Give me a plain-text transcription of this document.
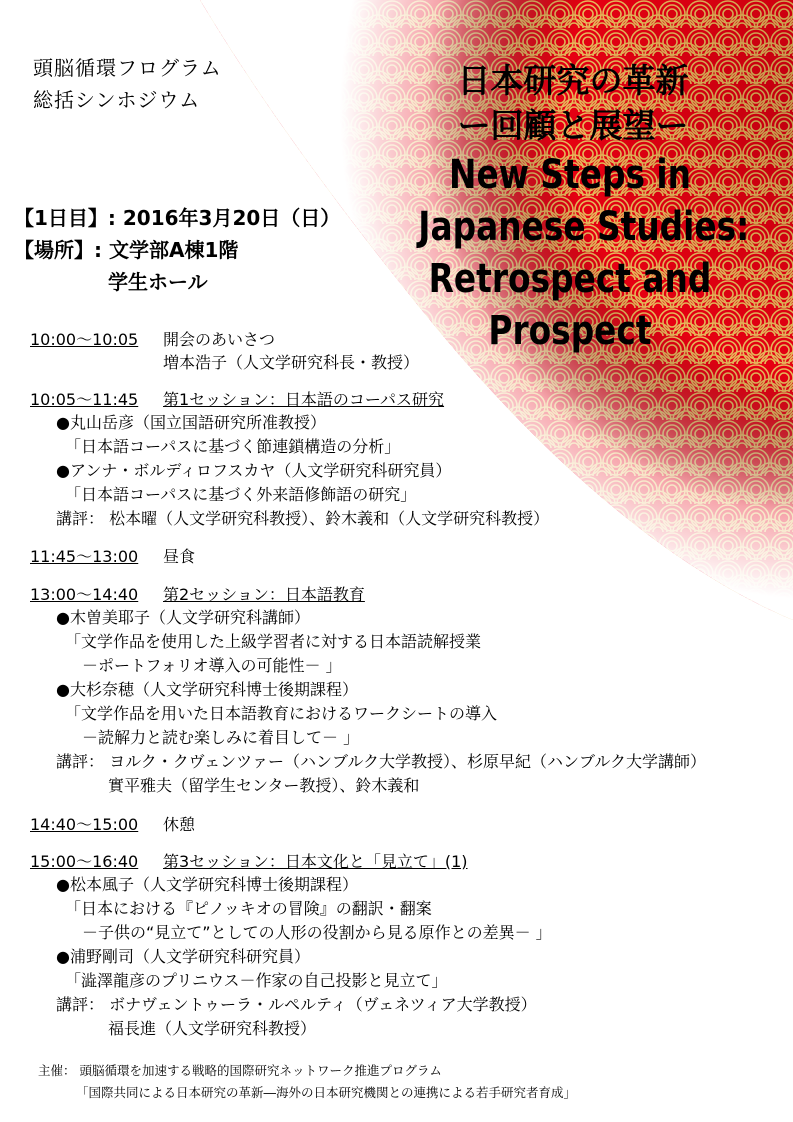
頭脳循環フログラム
総括シンホジウム	日本研究の革新
ー回顧と展望ー
New Steps in
Japanese Studies:
Retrospect and
Prospect
【1日目】: 2016年3月20日（日）
【場所】: 文学部A棟1階
学生ホール
10:00～10:05 開会のあいさつ
増本浩子（人文学研究科長・教授）
10:05～11:45 第1セッション：日本語のコーパス研究
●丸山岳彦（国立国語研究所准教授）
「日本語コーパスに基づく節連鎖構造の分析」
●アンナ・ボルディロフスカヤ（人文学研究科研究員）
「日本語コーパスに基づく外来語修飾語の研究」
講評： 松本曜（人文学研究科教授）、鈴木義和（人文学研究科教授）
11:45～13:00 昼食
13:00～14:40 第2セッション：日本語教育
●木曽美耶子（人文学研究科講師）
「文学作品を使用した上級学習者に対する日本語読解授業
－ポートフォリオ導入の可能性－ 」
●大杉奈穂（人文学研究科博士後期課程）
「文学作品を用いた日本語教育におけるワークシートの導入
－読解力と読む楽しみに着目して－ 」
講評： ヨルク・クヴェンツァー（ハンブルク大学教授）、杉原早紀（ハンブルク大学講師）
實平雅夫（留学生センター教授）、鈴木義和
14:40～15:00 休憩
15:00～16:40 第3セッション：日本文化と「見立て」(1)
●松本風子（人文学研究科博士後期課程）
「日本における『ピノッキオの冒険』の翻訳・翻案
－子供の“見立て”としての人形の役割から見る原作との差異－ 」
●浦野剛司（人文学研究科研究員）
「澁澤龍彦のプリニウス－作家の自己投影と見立て」
講評： ボナヴェントゥーラ・ルペルティ（ヴェネツィア大学教授）
福長進（人文学研究科教授）
主催： 頭脳循環を加速する戦略的国際研究ネットワーク推進プログラム
「国際共同による日本研究の革新―海外の日本研究機関との連携による若手研究者育成」
